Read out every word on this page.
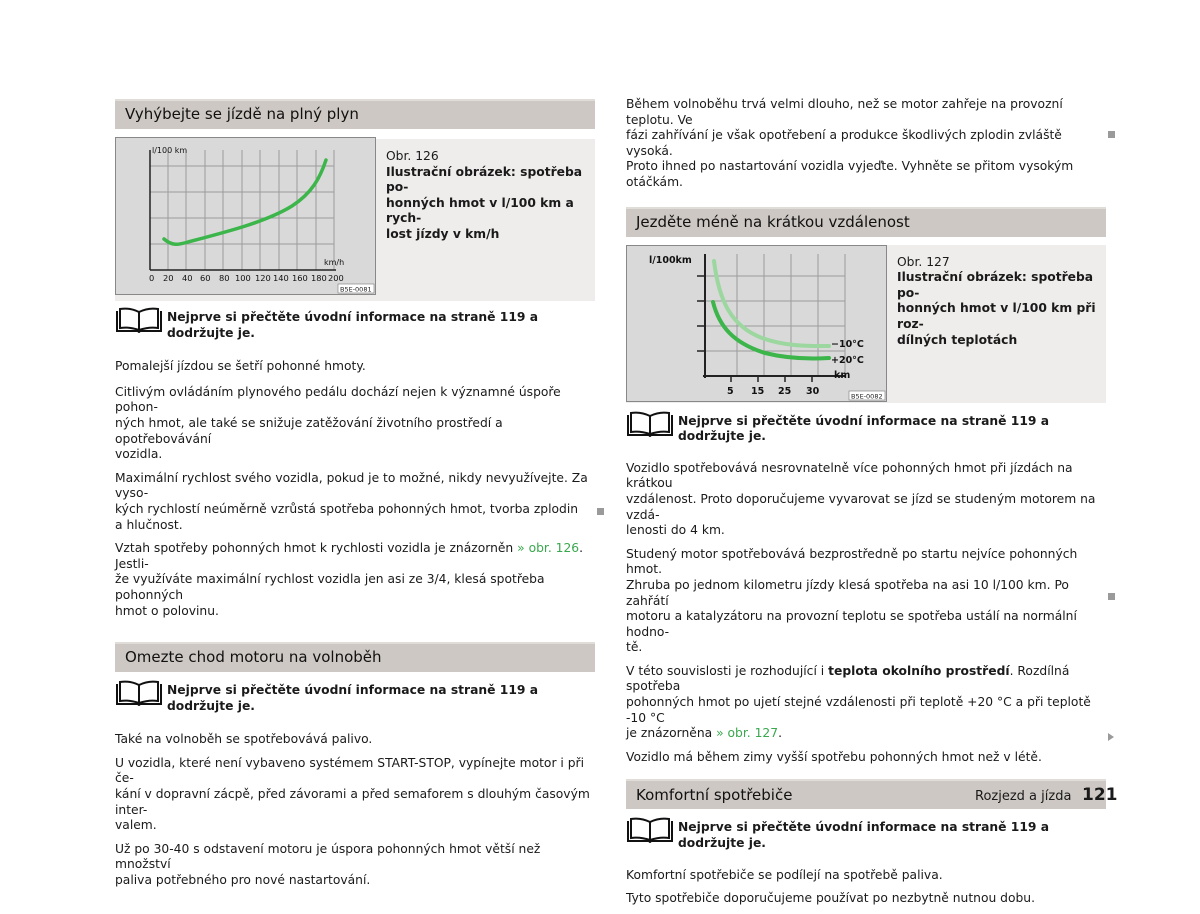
Vyhýbejte se jízdě na plný plyn
l/100 km
km/h
0 20 40 60 80 100 120 140 160 180 200
B5E-0081
Obr. 126
Ilustrační obrázek: spotřeba po-
honných hmot v l/100 km a rych-
lost jízdy v km/h
Nejprve si přečtěte úvodní informace na straně 119 a dodržujte je.

Pomalejší jízdou se šetří pohonné hmoty.

Citlivým ovládáním plynového pedálu dochází nejen k významné úspoře pohon-
ných hmot, ale také se snižuje zatěžování životního prostředí a opotřebovávání
vozidla.

Maximální rychlost svého vozidla, pokud je to možné, nikdy nevyužívejte. Za vyso-
kých rychlostí neúměrně vzrůstá spotřeba pohonných hmot, tvorba zplodin
a hlučnost.

Vztah spotřeby pohonných hmot k rychlosti vozidla je znázorněn » obr. 126. Jestli-
že využíváte maximální rychlost vozidla jen asi ze 3/4, klesá spotřeba pohonných
hmot o polovinu.

Omezte chod motoru na volnoběh
Nejprve si přečtěte úvodní informace na straně 119 a dodržujte je.

Také na volnoběh se spotřebovává palivo.

U vozidla, které není vybaveno systémem START-STOP, vypínejte motor i při če-
kání v dopravní zácpě, před závorami a před semaforem s dlouhým časovým inter-
valem.

Už po 30-40 s odstavení motoru je úspora pohonných hmot větší než množství
paliva potřebného pro nové nastartování.

Během volnoběhu trvá velmi dlouho, než se motor zahřeje na provozní teplotu. Ve
fázi zahřívání je však opotřebení a produkce škodlivých zplodin zvláště vysoká.
Proto ihned po nastartování vozidla vyjeďte. Vyhněte se přitom vysokým otáčkám.

Jezděte méně na krátkou vzdálenost
l/100km
−10°C
+20°C
km
5 15 25 30	B5E-0082
Obr. 127
Ilustrační obrázek: spotřeba po-
honných hmot v l/100 km při roz-
dílných teplotách
Nejprve si přečtěte úvodní informace na straně 119 a dodržujte je.

Vozidlo spotřebovává nesrovnatelně více pohonných hmot při jízdách na krátkou
vzdálenost. Proto doporučujeme vyvarovat se jízd se studeným motorem na vzdá-
lenosti do 4 km.

Studený motor spotřebovává bezprostředně po startu nejvíce pohonných hmot.
Zhruba po jednom kilometru jízdy klesá spotřeba na asi 10 l/100 km. Po zahřátí
motoru a katalyzátoru na provozní teplotu se spotřeba ustálí na normální hodno-
tě.

V této souvislosti je rozhodující i teplota okolního prostředí. Rozdílná spotřeba
pohonných hmot po ujetí stejné vzdálenosti při teplotě +20 °C a při teplotě -10 °C
je znázorněna » obr. 127.

Vozidlo má během zimy vyšší spotřebu pohonných hmot než v létě.

Komfortní spotřebiče
Nejprve si přečtěte úvodní informace na straně 119 a dodržujte je.

Komfortní spotřebiče se podílejí na spotřebě paliva.

Tyto spotřebiče doporučujeme používat po nezbytně nutnou dobu.

Rozjezd a jízda 121
